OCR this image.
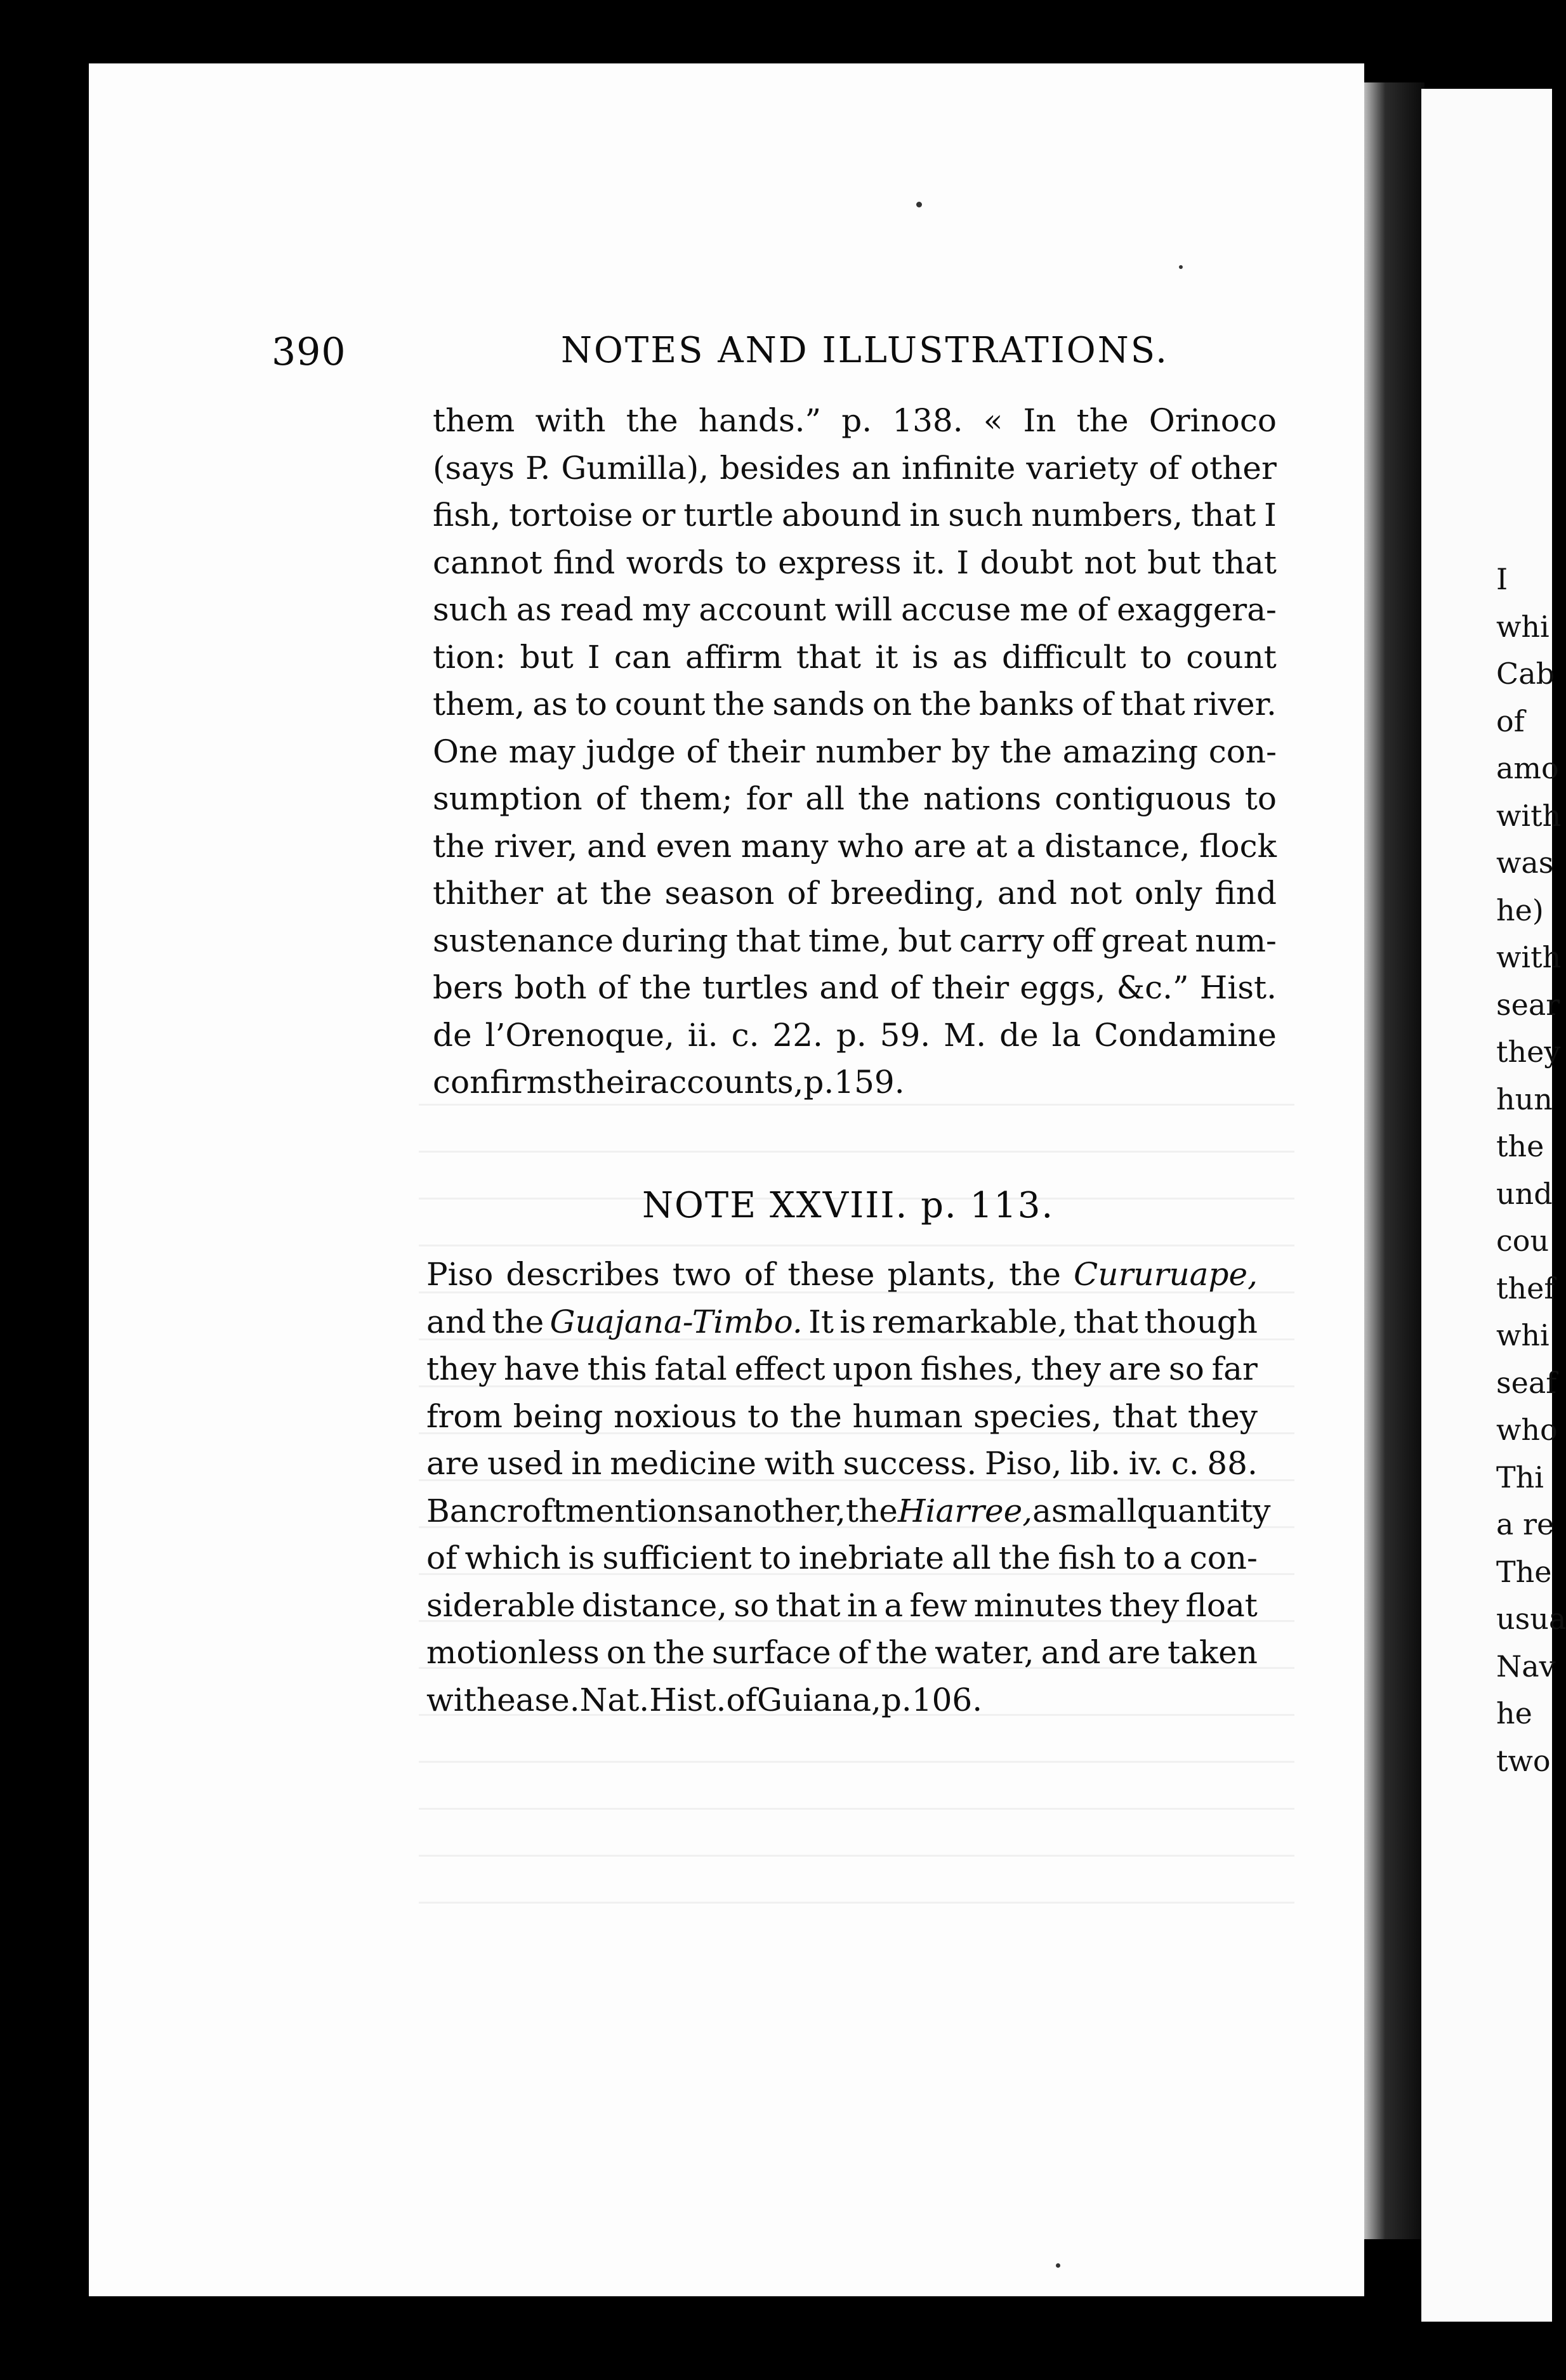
I
whi
Cab
of
amo
with
was
he)
with
sear
they
hun
the
und
cou
thef
whi
seaf
who
Thi
a re
The
usua
Nav
he
two
390	NOTES AND ILLUSTRATIONS.
them with the hands.” p. 138. « In the Orinoco
(says P. Gumilla), besides an infinite variety of other
fish, tortoise or turtle abound in such numbers, that I
cannot find words to express it. I doubt not but that
such as read my account will accuse me of exaggera-
tion: but I can affirm that it is as difficult to count
them, as to count the sands on the banks of that river.
One may judge of their number by the amazing con-
sumption of them; for all the nations contiguous to
the river, and even many who are at a distance, flock
thither at the season of breeding, and not only find
sustenance during that time, but carry off great num-
bers both of the turtles and of their eggs, &c.” Hist.
de l’Orenoque, ii. c. 22. p. 59. M. de la Condamine
confirms their accounts, p. 159.
NOTE XXVIII. p. 113.
Piso describes two of these plants, the Cururuape,
and the Guajana-Timbo. It is remarkable, that though
they have this fatal effect upon fishes, they are so far
from being noxious to the human species, that they
are used in medicine with success. Piso, lib. iv. c. 88.
Bancroft mentions another, the Hiarree, a small quantity
of which is sufficient to inebriate all the fish to a con-
siderable distance, so that in a few minutes they float
motionless on the surface of the water, and are taken
with ease. Nat. Hist. of Guiana, p. 106.
